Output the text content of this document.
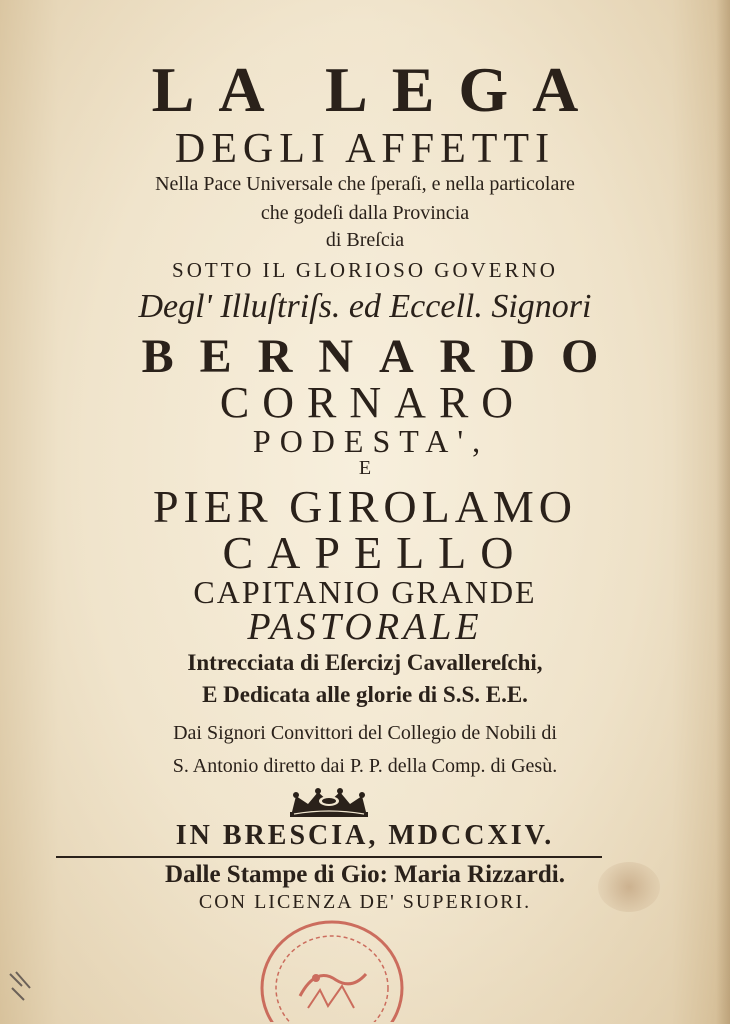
LA LEGA
DEGLI AFFETTI
Nella Pace Universale che ſperaſi, e nella particolare
che godeſi dalla Provincia
di Breſcia
SOTTO IL GLORIOSO GOVERNO
Degl' Illuſtriſs. ed Eccell. Signori
BERNARDO
CORNARO
PODESTA',
E
PIER GIROLAMO
CAPELLO
CAPITANIO GRANDE
PASTORALE
Intrecciata di Eſercizj Cavallereſchi,
E Dedicata alle glorie di S.S. E.E.
Dai Signori Convittori del Collegio de Nobili di
S. Antonio diretto dai P. P. della Comp. di Gesù.
IN BRESCIA, MDCCXIV.
Dalle Stampe di Gio: Maria Rizzardi.
CON LICENZA DE' SUPERIORI.
